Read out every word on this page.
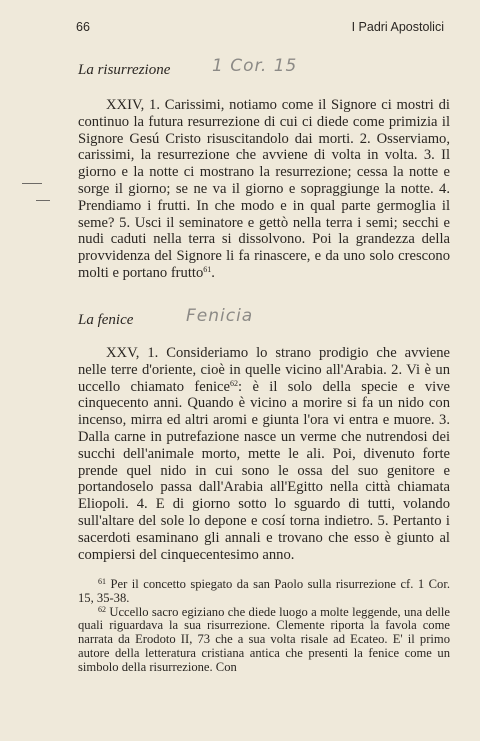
66	I Padri Apostolici
La risurrezione 1 Cor. 15
XXIV, 1. Carissimi, notiamo come il Signore ci mostri di continuo la futura resurrezione di cui ci diede come primizia il Signore Gesú Cristo risuscitandolo dai morti. 2. Osserviamo, carissimi, la resurrezione che avviene di volta in volta. 3. Il giorno e la notte ci mostrano la resurrezione; cessa la notte e sorge il giorno; se ne va il giorno e sopraggiunge la notte. 4. Prendiamo i frutti. In che modo e in qual parte germoglia il seme? 5. Usci il seminatore e gettò nella terra i semi; secchi e nudi caduti nella terra si dissolvono. Poi la grandezza della provvidenza del Signore li fa rinascere, e da uno solo crescono molti e portano frutto$^{61}$.
La fenice	Fenicia
XXV, 1. Consideriamo lo strano prodigio che avviene nelle terre d'oriente, cioè in quelle vicino all'Arabia. 2. Vi è un uccello chiamato fenice$^{62}$: è il solo della specie e vive cinquecento anni. Quando è vicino a morire si fa un nido con incenso, mirra ed altri aromi e giunta l'ora vi entra e muore. 3. Dalla carne in putrefazione nasce un verme che nutrendosi dei succhi dell'animale morto, mette le ali. Poi, divenuto forte prende quel nido in cui sono le ossa del suo genitore e portandoselo passa dall'Arabia all'Egitto nella città chiamata Eliopoli. 4. E di giorno sotto lo sguardo di tutti, volando sull'altare del sole lo depone e cosí torna indietro. 5. Pertanto i sacerdoti esaminano gli annali e trovano che esso è giunto al compiersi del cinquecentesimo anno.

$^{61}$ Per il concetto spiegato da san Paolo sulla risurrezione cf. 1 Cor. 15, 35-38.

$^{62}$ Uccello sacro egiziano che diede luogo a molte leggende, una delle quali riguardava la sua risurrezione. Clemente riporta la favola come narrata da Erodoto II, 73 che a sua volta risale ad Ecateo. E' il primo autore della letteratura cristiana antica che presenti la fenice come un simbolo della risurrezione. Con
